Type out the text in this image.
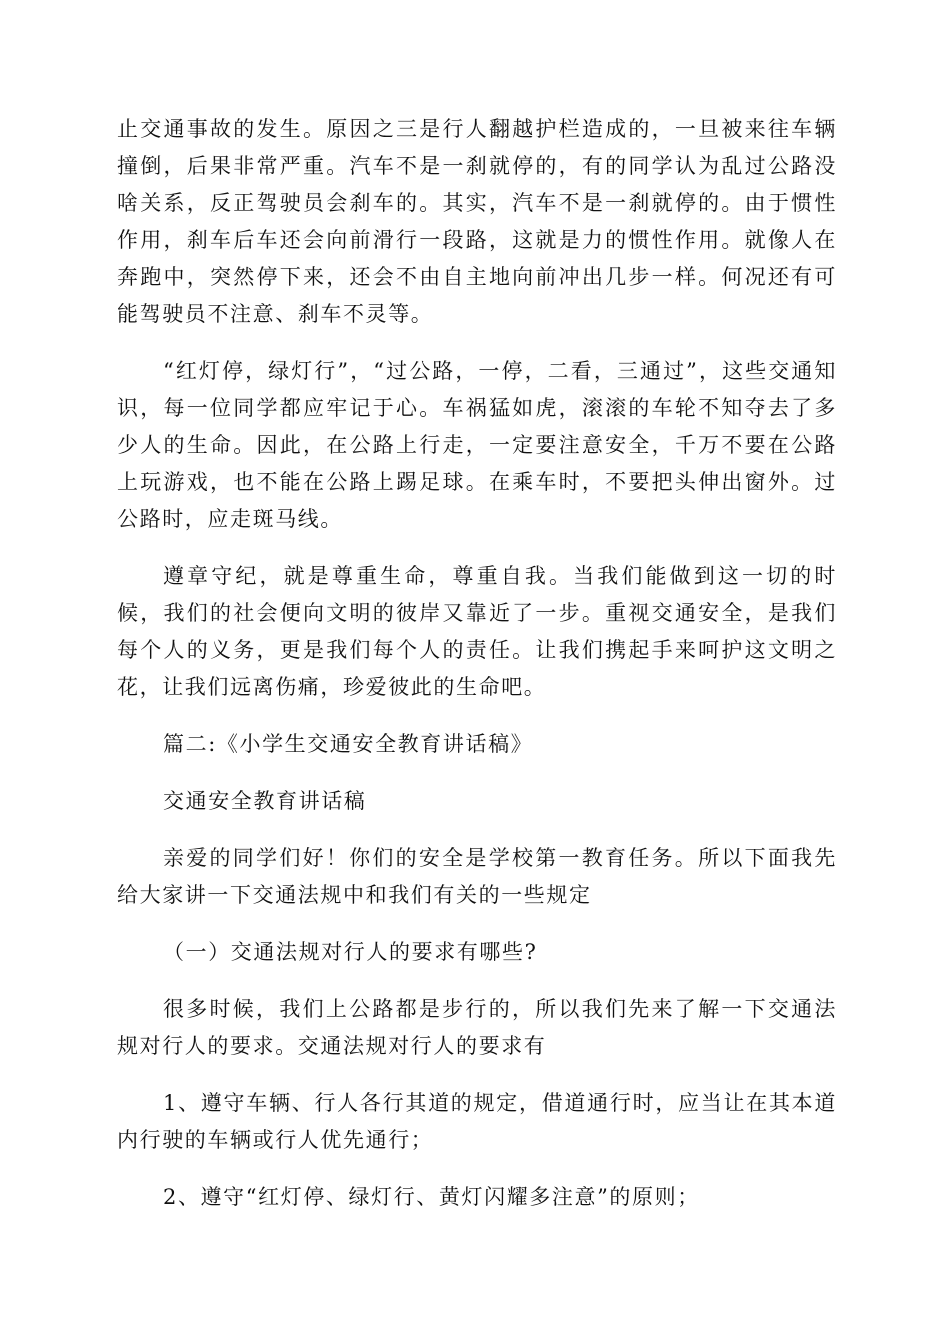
止交通事故的发生。原因之三是行人翻越护栏造成的，一旦被来往车辆撞倒，后果非常严重。汽车不是一刹就停的，有的同学认为乱过公路没啥关系，反正驾驶员会刹车的。其实，汽车不是一刹就停的。由于惯性作用，刹车后车还会向前滑行一段路，这就是力的惯性作用。就像人在奔跑中，突然停下来，还会不由自主地向前冲出几步一样。何况还有可能驾驶员不注意、刹车不灵等。

“红灯停，绿灯行”，“过公路，一停，二看，三通过”，这些交通知识，每一位同学都应牢记于心。车祸猛如虎，滚滚的车轮不知夺去了多少人的生命。因此，在公路上行走，一定要注意安全，千万不要在公路上玩游戏，也不能在公路上踢足球。在乘车时，不要把头伸出窗外。过公路时，应走斑马线。

遵章守纪，就是尊重生命，尊重自我。当我们能做到这一切的时候，我们的社会便向文明的彼岸又靠近了一步。重视交通安全，是我们每个人的义务，更是我们每个人的责任。让我们携起手来呵护这文明之花，让我们远离伤痛，珍爱彼此的生命吧。

篇二:《小学生交通安全教育讲话稿》

交通安全教育讲话稿

亲爱的同学们好！你们的安全是学校第一教育任务。所以下面我先给大家讲一下交通法规中和我们有关的一些规定

（一）交通法规对行人的要求有哪些?

很多时候，我们上公路都是步行的，所以我们先来了解一下交通法规对行人的要求。交通法规对行人的要求有

1、遵守车辆、行人各行其道的规定，借道通行时，应当让在其本道内行驶的车辆或行人优先通行；

2、遵守“红灯停、绿灯行、黄灯闪耀多注意”的原则；
